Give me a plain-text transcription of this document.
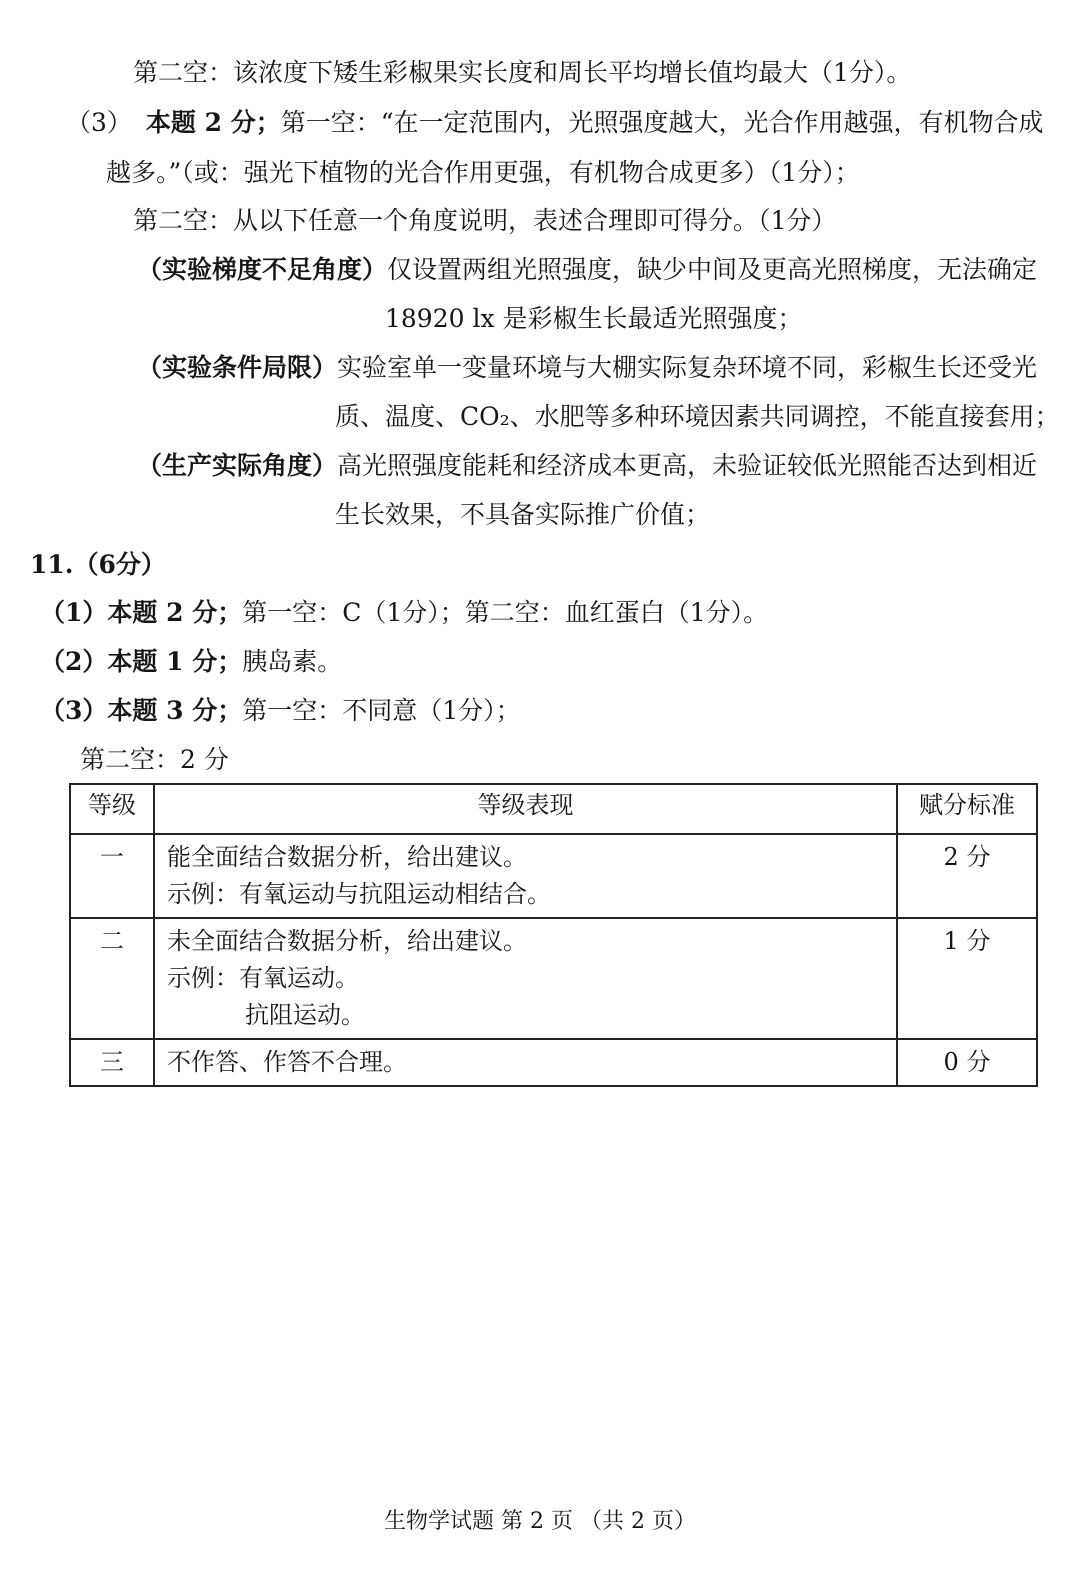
第二空：该浓度下矮生彩椒果实长度和周长平均增长值均最大（1分）。
（3） 本题 2 分；第一空：“在一定范围内，光照强度越大，光合作用越强，有机物合成
越多。”（或：强光下植物的光合作用更强，有机物合成更多）（1分）；
第二空：从以下任意一个角度说明，表述合理即可得分。（1分）
（实验梯度不足角度）仅设置两组光照强度，缺少中间及更高光照梯度，无法确定
18920 lx 是彩椒生长最适光照强度；
（实验条件局限）实验室单一变量环境与大棚实际复杂环境不同，彩椒生长还受光
质、温度、CO₂、水肥等多种环境因素共同调控，不能直接套用；
（生产实际角度）高光照强度能耗和经济成本更高，未验证较低光照能否达到相近
生长效果，不具备实际推广价值；
11.（6分）
（1）本题 2 分；第一空：C（1分）；第二空：血红蛋白（1分）。
（2）本题 1 分；胰岛素。
（3）本题 3 分；第一空：不同意（1分）；
第二空：2 分
等级	等级表现	赋分标准
一	能全面结合数据分析，给出建议。
示例：有氧运动与抗阻运动相结合。	2 分
二	未全面结合数据分析，给出建议。
示例：有氧运动。
抗阻运动。	1 分
三	不作答、作答不合理。	0 分
生物学试题 第 2 页 （共 2 页）
